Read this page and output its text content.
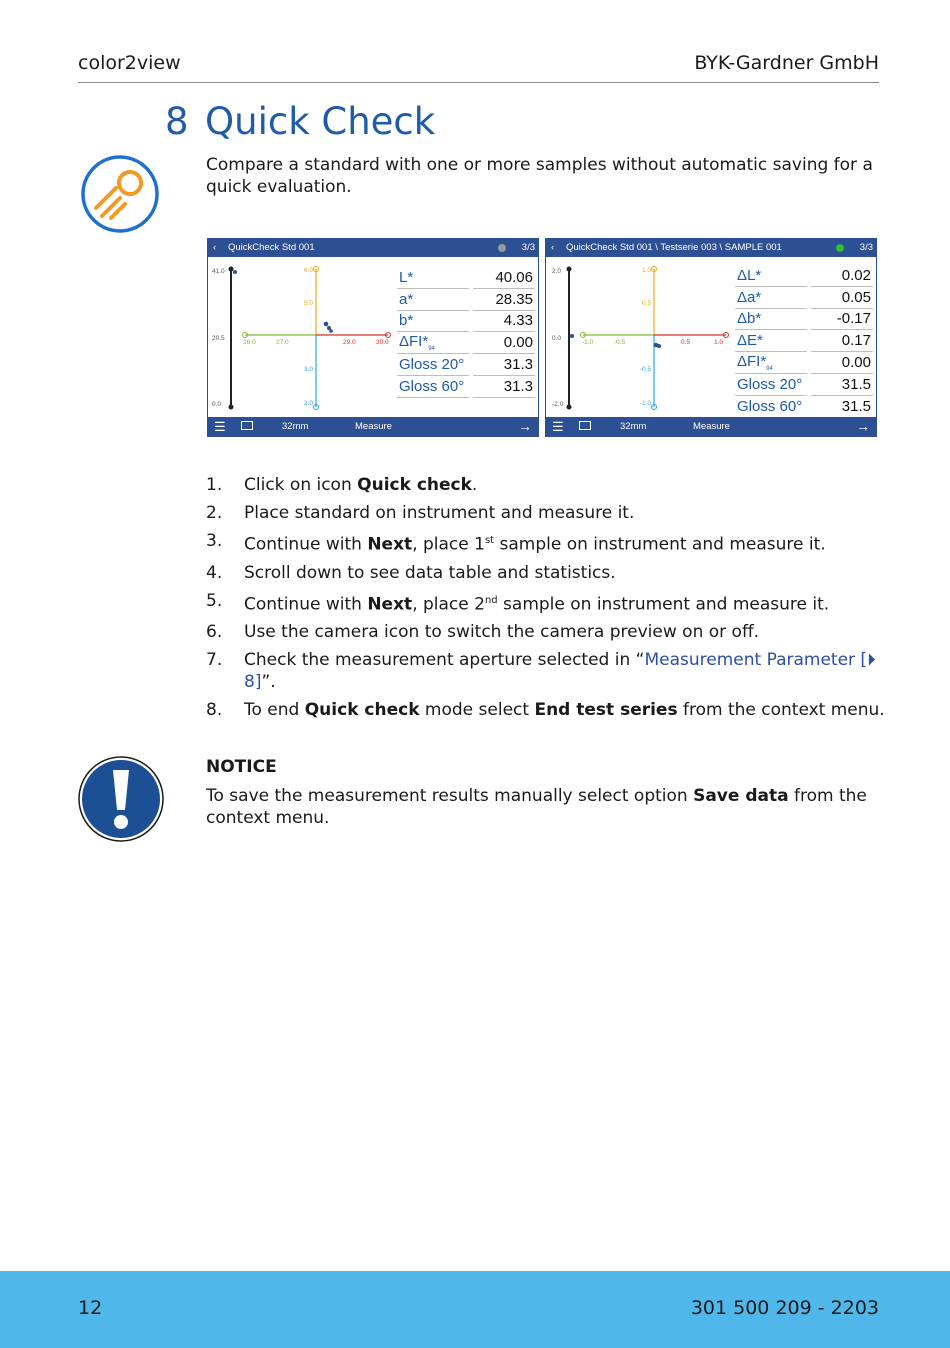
color2view	BYK-Gardner GmbH
8 Quick Check
Compare a standard with one or more samples without automatic saving for a quick evaluation.
‹ QuickCheck Std 001	3/3
41.0
20.5
0.0
6.0
5.0
3.0
2.0
26.0	27.0	29.0	30.0
L*		40.06
a*		28.35
b*		4.33
$\Delta FI*_{94}$		0.00
Gloss 20°		31.3
Gloss 60°		31.3
☰	32mm	Measure	→
‹ QuickCheck Std 001 \ Testserie 003 \ SAMPLE 001	3/3
2.0
0.0
-2.0
1.0
0.5
-0.5
-1.0
-1.0	-0.5	0.5	1.0
ΔL*		0.02
Δa*		0.05
Δb*		-0.17
ΔE*		0.17
$\Delta FI*_{94}$		0.00
Gloss 20°		31.5
Gloss 60°		31.5
☰	32mm	Measure	→
1. Click on icon Quick check.
2. Place standard on instrument and measure it.
3. Continue with Next, place 1st sample on instrument and measure it.
4. Scroll down to see data table and statistics.
5. Continue with Next, place 2nd sample on instrument and measure it.
6. Use the camera icon to switch the camera preview on or off.
7. Check the measurement aperture selected in “Measurement Parameter [⏵ 8]”.
8. To end Quick check mode select End test series from the context menu.
NOTICE
To save the measurement results manually select option Save data from the context menu.
12	301 500 209 - 2203
